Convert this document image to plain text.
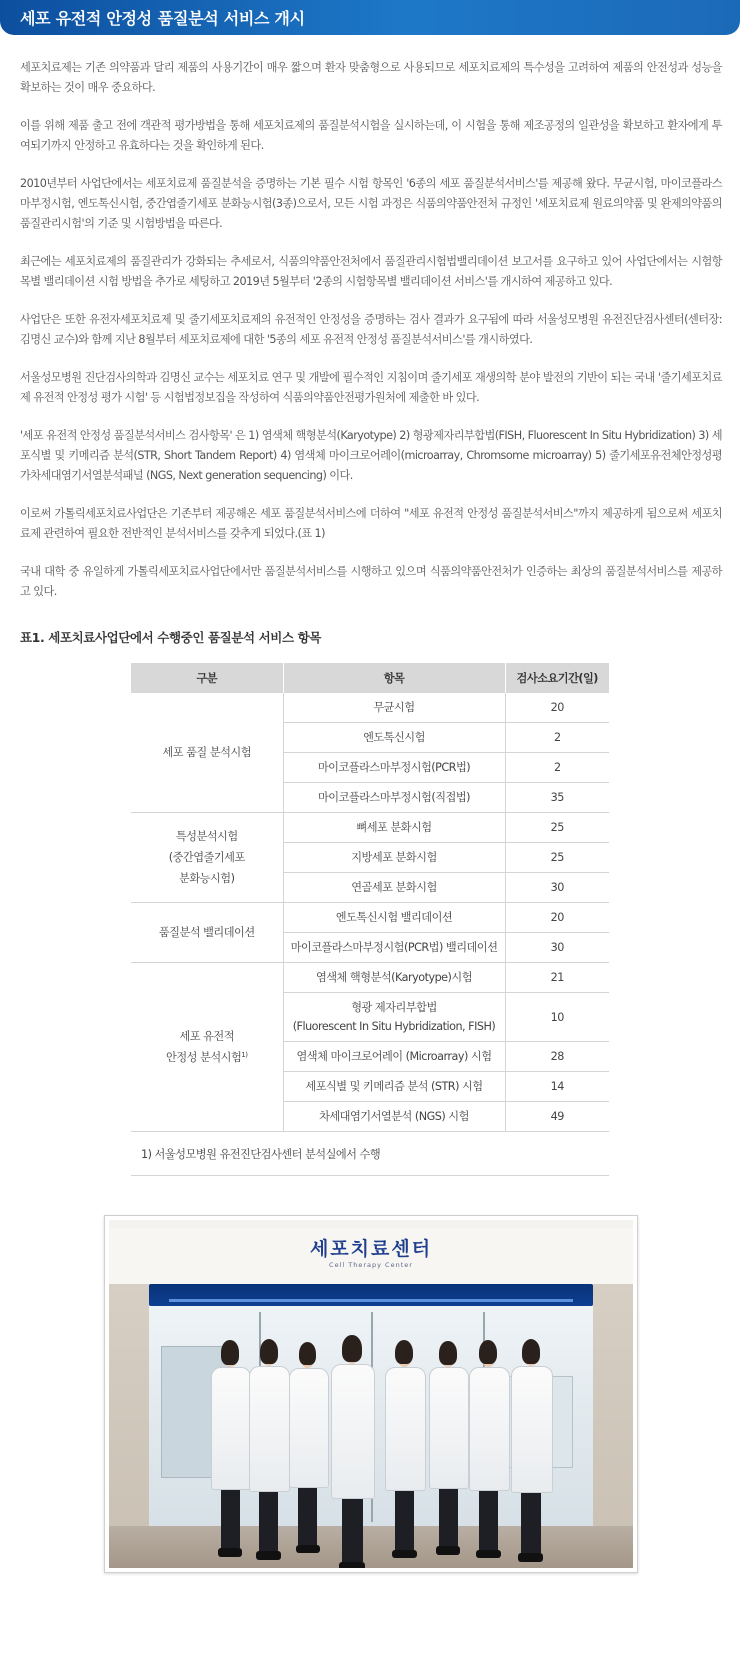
세포 유전적 안정성 품질분석 서비스 개시

세포치료제는 기존 의약품과 달리 제품의 사용기간이 매우 짧으며 환자 맞춤형으로 사용되므로 세포치료제의 특수성을 고려하여 제품의 안전성과 성능을 확보하는 것이 매우 중요하다.

이를 위해 제품 출고 전에 객관적 평가방법을 통해 세포치료제의 품질분석시험을 실시하는데, 이 시험을 통해 제조공정의 일관성을 확보하고 환자에게 투여되기까지 안정하고 유효하다는 것을 확인하게 된다.

2010년부터 사업단에서는 세포치료제 품질분석을 증명하는 기본 필수 시험 항목인 '6종의 세포 품질분석서비스'를 제공해 왔다. 무균시험, 마이코플라스마부정시험, 엔도톡신시험, 중간엽줄기세포 분화능시험(3종)으로서, 모든 시험 과정은 식품의약품안전처 규정인 '세포치료제 원료의약품 및 완제의약품의 품질관리시험'의 기준 및 시험방법을 따른다.

최근에는 세포치료제의 품질관리가 강화되는 추세로서, 식품의약품안전처에서 품질관리시험법밸리데이션 보고서를 요구하고 있어 사업단에서는 시험항목별 밸리데이션 시험 방법을 추가로 세팅하고 2019년 5월부터 '2종의 시험항목별 밸리데이션 서비스'를 개시하여 제공하고 있다.

사업단은 또한 유전자세포치료제 및 줄기세포치료제의 유전적인 안정성을 증명하는 검사 결과가 요구됨에 따라 서울성모병원 유전진단검사센터(센터장: 김명신 교수)와 함께 지난 8월부터 세포치료제에 대한 '5종의 세포 유전적 안정성 품질분석서비스'를 개시하였다.

서울성모병원 진단검사의학과 김명신 교수는 세포치료 연구 및 개발에 필수적인 지침이며 줄기세포 재생의학 분야 발전의 기반이 되는 국내 '줄기세포치료제 유전적 안정성 평가 시험' 등 시험법정보집을 작성하여 식품의약품안전평가원처에 제출한 바 있다.

'세포 유전적 안정성 품질분석서비스 검사항목' 은 1) 염색체 핵형분석(Karyotype) 2) 형광제자리부합법(FISH, Fluorescent In Situ Hybridization) 3) 세포식별 및 키메리즘 분석(STR, Short Tandem Report) 4) 염색체 마이크로어레이(microarray, Chromsome microarray) 5) 줄기세포유전체안정성평가차세대염기서열분석패널 (NGS, Next generation sequencing) 이다.

이로써 가톨릭세포치료사업단은 기존부터 제공해온 세포 품질분석서비스에 더하여 "세포 유전적 안정성 품질분석서비스"까지 제공하게 됨으로써 세포치료제 관련하여 필요한 전반적인 분석서비스를 갖추게 되었다.(표 1)

국내 대학 중 유일하게 가톨릭세포치료사업단에서만 품질분석서비스를 시행하고 있으며 식품의약품안전처가 인증하는 최상의 품질분석서비스를 제공하고 있다.

표1. 세포치료사업단에서 수행중인 품질분석 서비스 항목
구분	항목	검사소요기간(일)
세포 품질 분석시험	무균시험	20
	엔도톡신시험	2
	마이코플라스마부정시험(PCR법)	2
	마이코플라스마부정시험(직접법)	35
특성분석시험
(중간엽줄기세포
분화능시험)	뼈세포 분화시험	25
	지방세포 분화시험	25
	연골세포 분화시험	30
품질분석 밸리데이션	엔도톡신시험 밸리데이션	20
	마이코플라스마부정시험(PCR법) 밸리데이션	30
세포 유전적
안정성 분석시험$^{1)}$	염색체 핵형분석(Karyotype)시험	21
	형광 제자리부합법
(Fluorescent In Situ Hybridization, FISH)	10
	염색체 마이크로어레이 (Microarray) 시험	28
	세포식별 및 키메리즘 분석 (STR) 시험	14
	차세대염기서열분석 (NGS) 시험	49
1) 서울성모병원 유전진단검사센터 분석실에서 수행
세포치료센터
Cell Therapy Center
